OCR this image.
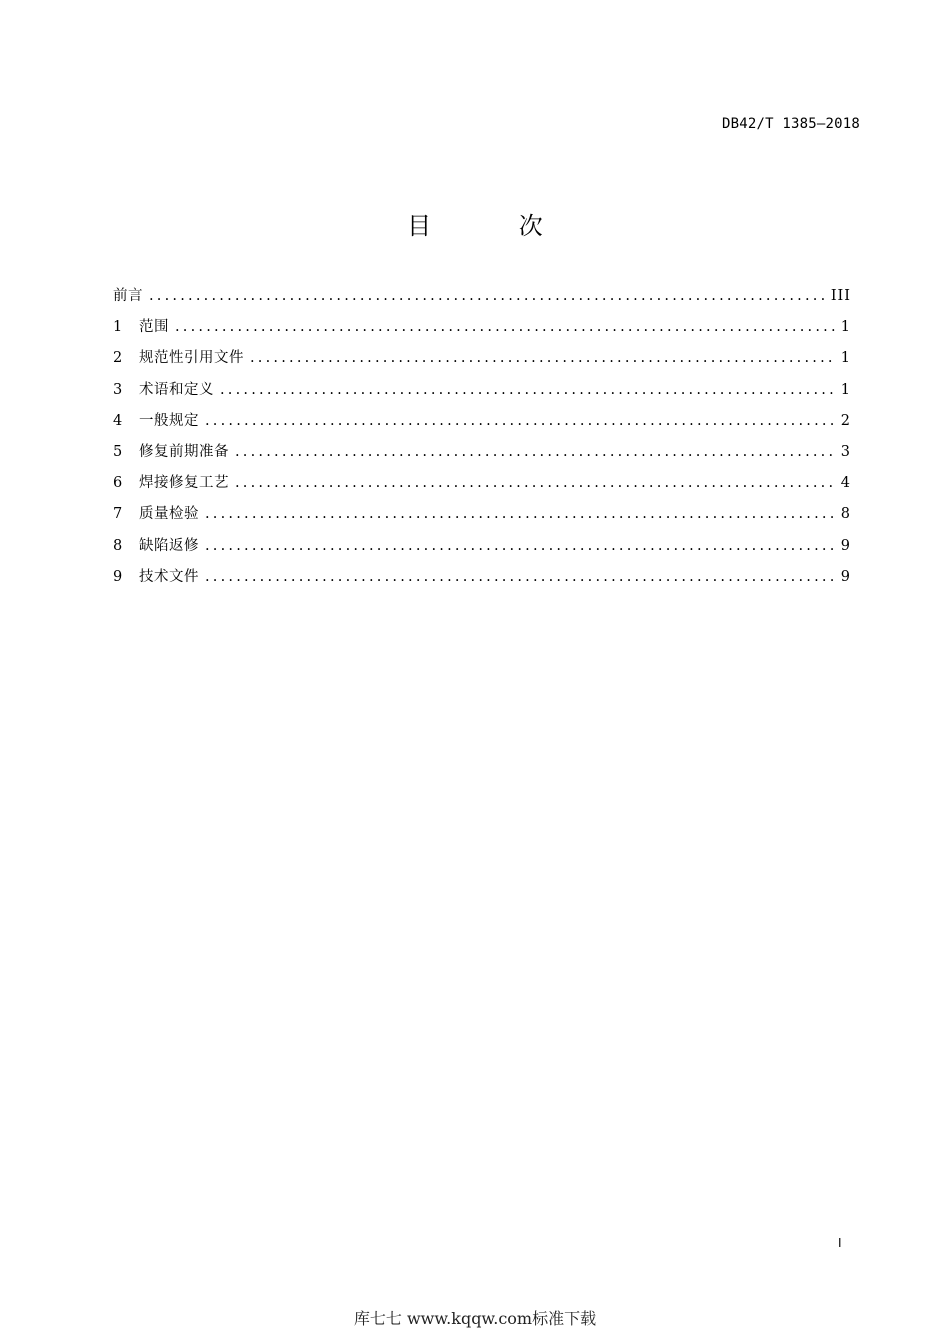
DB42/T 1385—2018
目 次
前言 .....	III
1	范围 .....	1
2	规范性引用文件 .....	1
3	术语和定义 .....	1
4	一般规定 .....	2
5	修复前期准备 .....	3
6	焊接修复工艺 .....	4
7	质量检验 .....	8
8	缺陷返修 .....	9
9	技术文件 .....	9
I
库七七 www.kqqw.com标准下载
